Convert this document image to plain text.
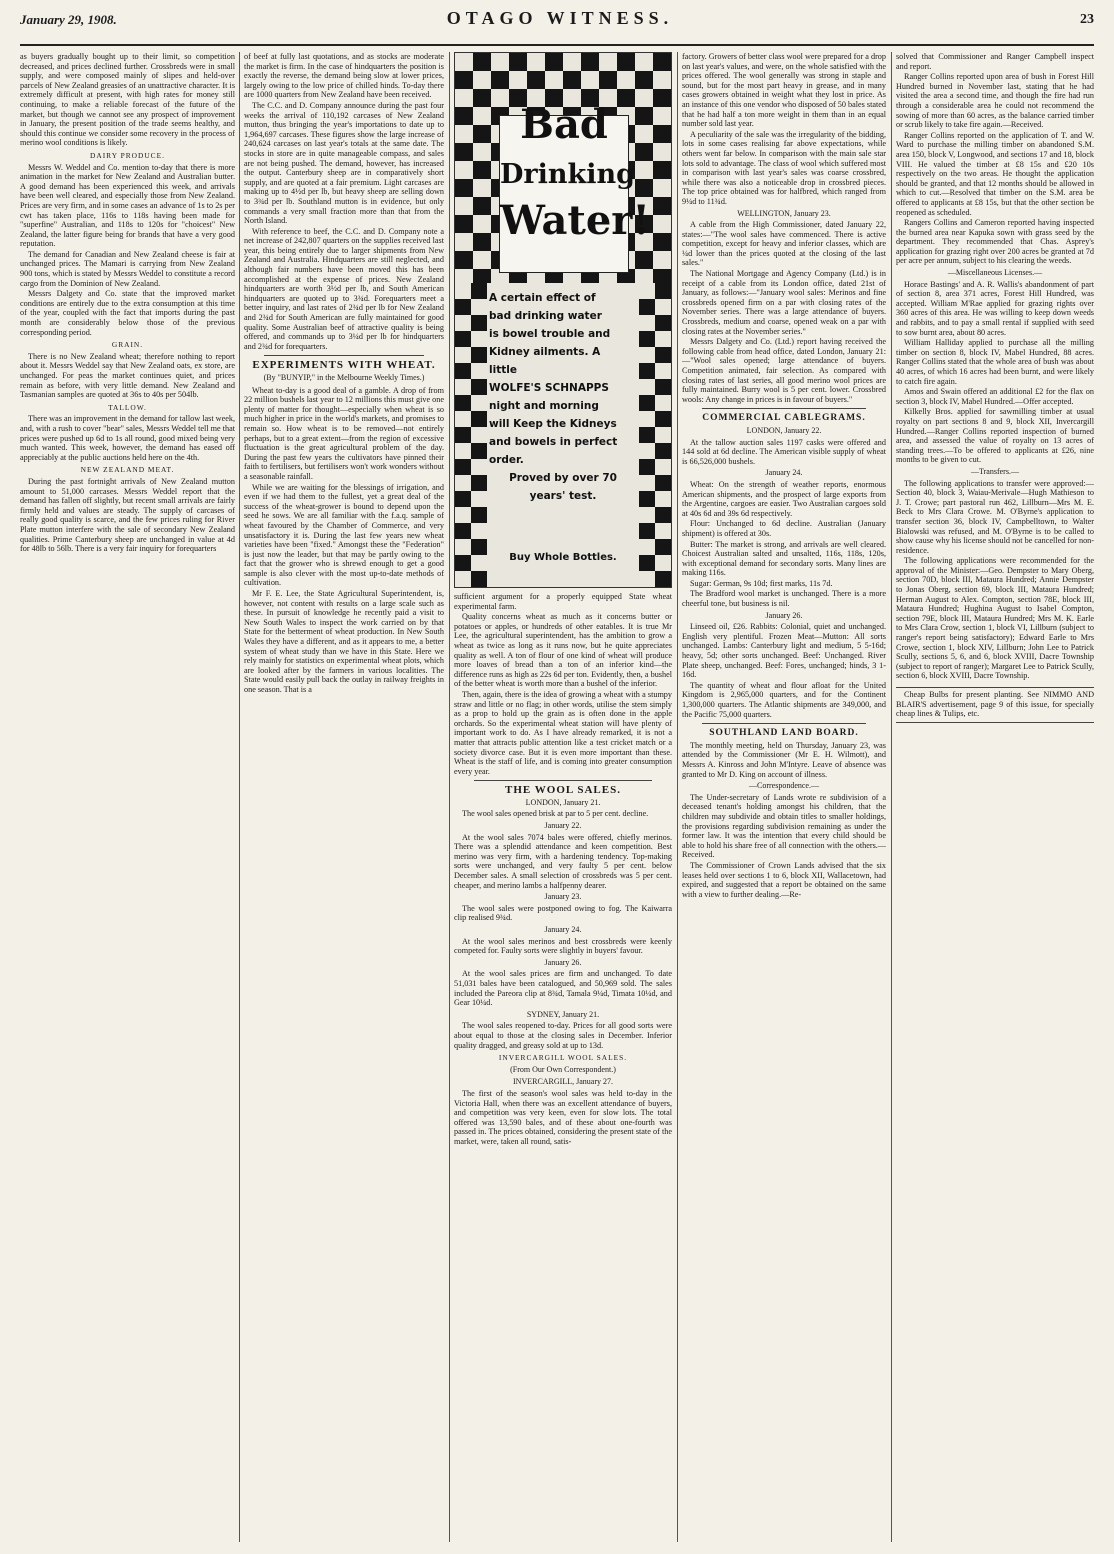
January 29, 1908.	OTAGO WITNESS.	23

as buyers gradually bought up to their limit, so competition decreased, and prices declined further. Crossbreds were in small supply, and were composed mainly of slipes and held-over parcels of New Zealand greasies of an unattractive character. It is extremely difficult at present, with high rates for money still continuing, to make a reliable forecast of the future of the market, but though we cannot see any prospect of improvement in January, the present position of the trade seems healthy, and should this continue we consider some recovery in the process of merino wool conditions is likely.

DAIRY PRODUCE.

Messrs W. Weddel and Co. mention to-day that there is more animation in the market for New Zealand and Australian butter. A good demand has been experienced this week, and arrivals have been well cleared, and especially those from New Zealand. Prices are very firm, and in some cases an advance of 1s to 2s per cwt has taken place, 116s to 118s having been made for "superfine" Australian, and 118s to 120s for "choicest" New Zealand, the latter figure being for brands that have a very good reputation.

The demand for Canadian and New Zealand cheese is fair at unchanged prices. The Mamari is carrying from New Zealand 900 tons, which is stated by Messrs Weddel to constitute a record cargo from the Dominion of New Zealand.

Messrs Dalgety and Co. state that the improved market conditions are entirely due to the extra consumption at this time of the year, coupled with the fact that imports during the past month are considerably below those of the previous corresponding period.

GRAIN.

There is no New Zealand wheat; therefore nothing to report about it. Messrs Weddel say that New Zealand oats, ex store, are unchanged. For peas the market continues quiet, and prices remain as before, with very little demand. New Zealand and Tasmanian samples are quoted at 36s to 40s per 504lb.

TALLOW.

There was an improvement in the demand for tallow last week, and, with a rush to cover "bear" sales, Messrs Weddel tell me that prices were pushed up 6d to 1s all round, good mixed being very much wanted. This week, however, the demand has eased off appreciably at the public auctions held here on the 4th.

NEW ZEALAND MEAT.

During the past fortnight arrivals of New Zealand mutton amount to 51,000 carcases. Messrs Weddel report that the demand has fallen off slightly, but recent small arrivals are fairly firmly held and values are steady. The supply of carcases of really good quality is scarce, and the few prices ruling for River Plate mutton interfere with the sale of secondary New Zealand qualities. Prime Canterbury sheep are unchanged in value at 4d for 48lb to 56lb. There is a very fair inquiry for forequarters

of beef at fully last quotations, and as stocks are moderate the market is firm. In the case of hindquarters the position is exactly the reverse, the demand being slow at lower prices, largely owing to the low price of chilled hinds. To-day there are 1000 quarters from New Zealand have been received.

The C.C. and D. Company announce during the past four weeks the arrival of 110,192 carcases of New Zealand mutton, thus bringing the year's importations to date up to 1,964,697 carcases. These figures show the large increase of 240,624 carcases on last year's totals at the same date. The stocks in store are in quite manageable compass, and sales are not being pushed. The demand, however, has increased the output. Canterbury sheep are in comparatively short supply, and are quoted at a fair premium. Light carcases are making up to 4½d per lb, but heavy sheep are selling down to 3¾d per lb. Southland mutton is in evidence, but only commands a very small fraction more than that from the North Island.

With reference to beef, the C.C. and D. Company note a net increase of 242,807 quarters on the supplies received last year, this being entirely due to larger shipments from New Zealand and Australia. Hindquarters are still neglected, and although fair numbers have been moved this has been accomplished at the expense of prices. New Zealand hindquarters are worth 3½d per lb, and South American hindquarters are quoted up to 3¾d. Forequarters meet a better inquiry, and last rates of 2¾d per lb for New Zealand and 2¾d for South American are fully maintained for good quality. Some Australian beef of attractive quality is being offered, and commands up to 3¼d per lb for hindquarters and 2¾d for forequarters.

EXPERIMENTS WITH WHEAT.
(By "BUNYIP," in the Melbourne Weekly Times.)

Wheat to-day is a good deal of a gamble. A drop of from 22 million bushels last year to 12 millions this must give one plenty of matter for thought—especially when wheat is so much higher in price in the world's markets, and promises to remain so. How wheat is to be removed—not entirely perhaps, but to a great extent—from the region of excessive fluctuation is the great agricultural problem of the day. During the past few years the cultivators have pinned their faith to fertilisers, but fertilisers won't work wonders without a seasonable rainfall.

While we are waiting for the blessings of irrigation, and even if we had them to the fullest, yet a great deal of the success of the wheat-grower is bound to depend upon the seed he sows. We are all familiar with the f.a.q. sample of wheat favoured by the Chamber of Commerce, and very unsatisfactory it is. During the last few years new wheat varieties have been "fixed." Amongst these the "Federation" is just now the leader, but that may be partly owing to the fact that the grower who is shrewd enough to get a good sample is also clever with the most up-to-date methods of cultivation.

Mr F. E. Lee, the State Agricultural Superintendent, is, however, not content with results on a large scale such as these. In pursuit of knowledge he recently paid a visit to New South Wales to inspect the work carried on by that State for the betterment of wheat production. In New South Wales they have a different, and as it appears to me, a better system of wheat study than we have in this State. Here we rely mainly for statistics on experimental wheat plots, which are looked after by the farmers in various localities. The State would easily pull back the outlay in railway freights in one season. That is a

Bad
Drinking
Water!
A certain effect of
bad drinking water
is bowel trouble and
Kidney ailments. A
little
WOLFE'S SCHNAPPS
night and morning
will Keep the Kidneys
and bowels in perfect
order.
Proved by over 70
years' test.
Buy Whole Bottles.

sufficient argument for a properly equipped State wheat experimental farm.

Quality concerns wheat as much as it concerns butter or potatoes or apples, or hundreds of other eatables. It is true Mr Lee, the agricultural superintendent, has the ambition to grow a wheat as twice as long as it runs now, but he quite appreciates quality as well. A ton of flour of one kind of wheat will produce more loaves of bread than a ton of an inferior kind—the difference runs as high as 22s 6d per ton. Evidently, then, a bushel of the better wheat is worth more than a bushel of the inferior.

Then, again, there is the idea of growing a wheat with a stumpy straw and little or no flag; in other words, utilise the stem simply as a prop to hold up the grain as is often done in the apple orchards. So the experimental wheat station will have plenty of important work to do. As I have already remarked, it is not a matter that attracts public attention like a test cricket match or a society divorce case. But it is even more important than these. Wheat is the staff of life, and is coming into greater consumption every year.

THE WOOL SALES.
LONDON, January 21.

The wool sales opened brisk at par to 5 per cent. decline.

January 22.

At the wool sales 7074 bales were offered, chiefly merinos. There was a splendid attendance and keen competition. Best merino was very firm, with a hardening tendency. Top-making sorts were unchanged, and very faulty 5 per cent. below December sales. A small selection of crossbreds was 5 per cent. cheaper, and merino lambs a halfpenny dearer.

January 23.

The wool sales were postponed owing to fog. The Kaiwarra clip realised 9¾d.

January 24.

At the wool sales merinos and best crossbreds were keenly competed for. Faulty sorts were slightly in buyers' favour.

January 26.

At the wool sales prices are firm and unchanged. To date 51,031 bales have been catalogued, and 50,969 sold. The sales included the Pareora clip at 8¾d, Tamala 9¼d, Timata 10¼d, and Gear 10¼d.

SYDNEY, January 21.

The wool sales reopened to-day. Prices for all good sorts were about equal to those at the closing sales in December. Inferior quality dragged, and greasy sold at up to 13d.

INVERCARGILL WOOL SALES.
(From Our Own Correspondent.)
INVERCARGILL, January 27.

The first of the season's wool sales was held to-day in the Victoria Hall, when there was an excellent attendance of buyers, and competition was very keen, even for slow lots. The total offered was 13,590 bales, and of these about one-fourth was passed in. The prices obtained, considering the present state of the market, were, taken all round, satis-

factory. Growers of better class wool were prepared for a drop on last year's values, and were, on the whole satisfied with the prices offered. The wool generally was strong in staple and sound, but for the most part heavy in grease, and in many cases growers obtained in weight what they lost in price. As an instance of this one vendor who disposed of 50 bales stated that he had half a ton more weight in them than in an equal number sold last year.

A peculiarity of the sale was the irregularity of the bidding, lots in some cases realising far above expectations, while others went far below. In comparison with the main sale star lots sold to advantage. The class of wool which suffered most in comparison with last year's sales was coarse crossbred, while there was also a noticeable drop in crossbred pieces. The top price obtained was for halfbred, which ranged from 9¼d to 11¾d.

WELLINGTON, January 23.

A cable from the High Commissioner, dated January 22, states:—"The wool sales have commenced. There is active competition, except for heavy and inferior classes, which are ¼d lower than the prices quoted at the closing of the last sales."

The National Mortgage and Agency Company (Ltd.) is in receipt of a cable from its London office, dated 21st of January, as follows:—"January wool sales: Merinos and fine crossbreds opened firm on a par with closing rates of the November series. There was a large attendance of buyers. Crossbreds, medium and coarse, opened weak on a par with closing rates at the November series."

Messrs Dalgety and Co. (Ltd.) report having received the following cable from head office, dated London, January 21:—"Wool sales opened; large attendance of buyers. Competition animated, fair selection. As compared with closing rates of last series, all good merino wool prices are fully maintained. Burry wool is 5 per cent. lower. Crossbred wools: Any change in prices is in favour of buyers."

COMMERCIAL CABLEGRAMS.
LONDON, January 22.

At the tallow auction sales 1197 casks were offered and 144 sold at 6d decline. The American visible supply of wheat is 66,526,000 bushels.

January 24.

Wheat: On the strength of weather reports, enormous American shipments, and the prospect of large exports from the Argentine, cargoes are easier. Two Australian cargoes sold at 40s 6d and 39s 6d respectively.

Flour: Unchanged to 6d decline. Australian (January shipment) is offered at 30s.

Butter: The market is strong, and arrivals are well cleared. Choicest Australian salted and unsalted, 116s, 118s, 120s, with exceptional demand for secondary sorts. Many lines are making 116s.

Sugar: German, 9s 10d; first marks, 11s 7d.

The Bradford wool market is unchanged. There is a more cheerful tone, but business is nil.

January 26.

Linseed oil, £26. Rabbits: Colonial, quiet and unchanged. English very plentiful. Frozen Meat—Mutton: All sorts unchanged. Lambs: Canterbury light and medium, 5 5-16d; heavy, 5d; other sorts unchanged. Beef: Unchanged. River Plate sheep, unchanged. Beef: Fores, unchanged; hinds, 3 1-16d.

The quantity of wheat and flour afloat for the United Kingdom is 2,965,000 quarters, and for the Continent 1,300,000 quarters. The Atlantic shipments are 349,000, and the Pacific 75,000 quarters.

SOUTHLAND LAND BOARD.

The monthly meeting, held on Thursday, January 23, was attended by the Commissioner (Mr E. H. Wilmott), and Messrs A. Kinross and John M'Intyre. Leave of absence was granted to Mr D. King on account of illness.

—Correspondence.—

The Under-secretary of Lands wrote re subdivision of a deceased tenant's holding amongst his children, that the children may subdivide and obtain titles to smaller holdings, the provisions regarding subdivision remaining as under the former law. It was the intention that every child should be able to hold his share free of all connection with the others.—Received.

The Commissioner of Crown Lands advised that the six leases held over sections 1 to 6, block XII, Wallacetown, had expired, and suggested that a report be obtained on the same with a view to further dealing.—Re-

solved that Commissioner and Ranger Campbell inspect and report.

Ranger Collins reported upon area of bush in Forest Hill Hundred burned in November last, stating that he had visited the area a second time, and though the fire had run through a considerable area he could not recommend the sowing of more than 60 acres, as the balance carried timber or scrub likely to take fire again.—Received.

Ranger Collins reported on the application of T. and W. Ward to purchase the milling timber on abandoned S.M. area 150, block V, Longwood, and sections 17 and 18, block VIII. He valued the timber at £8 15s and £20 10s respectively on the two areas. He thought the application should be granted, and that 12 months should be allowed in which to cut.—Resolved that timber on the S.M. area be offered to applicants at £8 15s, but that the other section be reopened as scheduled.

Rangers Collins and Cameron reported having inspected the burned area near Kapuka sown with grass seed by the department. They recommended that Chas. Asprey's application for grazing right over 200 acres be granted at 7d per acre per annum, subject to his clearing the weeds.

—Miscellaneous Licenses.—

Horace Bastings' and A. R. Wallis's abandonment of part of section 8, area 371 acres, Forest Hill Hundred, was accepted. William M'Rae applied for grazing rights over 360 acres of this area. He was willing to keep down weeds and rabbits, and to pay a small rental if supplied with seed to sow burnt area, about 80 acres.

William Halliday applied to purchase all the milling timber on section 8, block IV, Mabel Hundred, 88 acres. Ranger Collins stated that the whole area of bush was about 40 acres, of which 16 acres had been burnt, and were likely to catch fire again.

Amos and Swain offered an additional £2 for the flax on section 3, block IV, Mabel Hundred.—Offer accepted.

Kilkelly Bros. applied for sawmilling timber at usual royalty on part sections 8 and 9, block XII, Invercargill Hundred.—Ranger Collins reported inspection of burned area, and assessed the value of royalty on 13 acres of standing trees.—To be offered to applicants at £26, nine months to be given to cut.

—Transfers.—

The following applications to transfer were approved:—Section 40, block 3, Waiau-Merivale—Hugh Mathieson to J. T. Crowe; part pastoral run 462, Lillburn—Mrs M. E. Beck to Mrs Clara Crowe. M. O'Byrne's application to transfer section 36, block IV, Campbelltown, to Walter Bialowski was refused, and M. O'Byrne is to be called to show cause why his license should not be cancelled for non-residence.

The following applications were recommended for the approval of the Minister:—Geo. Dempster to Mary Oberg, section 70D, block III, Mataura Hundred; Annie Dempster to Jonas Oberg, section 69, block III, Mataura Hundred; Herman August to Alex. Compton, section 78E, block III, Mataura Hundred; Hughina August to Isabel Compton, section 79E, block III, Mataura Hundred; Mrs M. K. Earle to Mrs Clara Crow, section 1, block VI, Lillburn (subject to ranger's report being satisfactory); Edward Earle to Mrs Crowe, section 1, block XIV, Lillburn; John Lee to Patrick Scully, sections 5, 6, and 6, block XVIII, Dacre Township (subject to report of ranger); Margaret Lee to Patrick Scully, section 6, block XVIII, Dacre Township.

Cheap Bulbs for present planting. See NIMMO AND BLAIR'S advertisement, page 9 of this issue, for specially cheap lines & Tulips, etc.
